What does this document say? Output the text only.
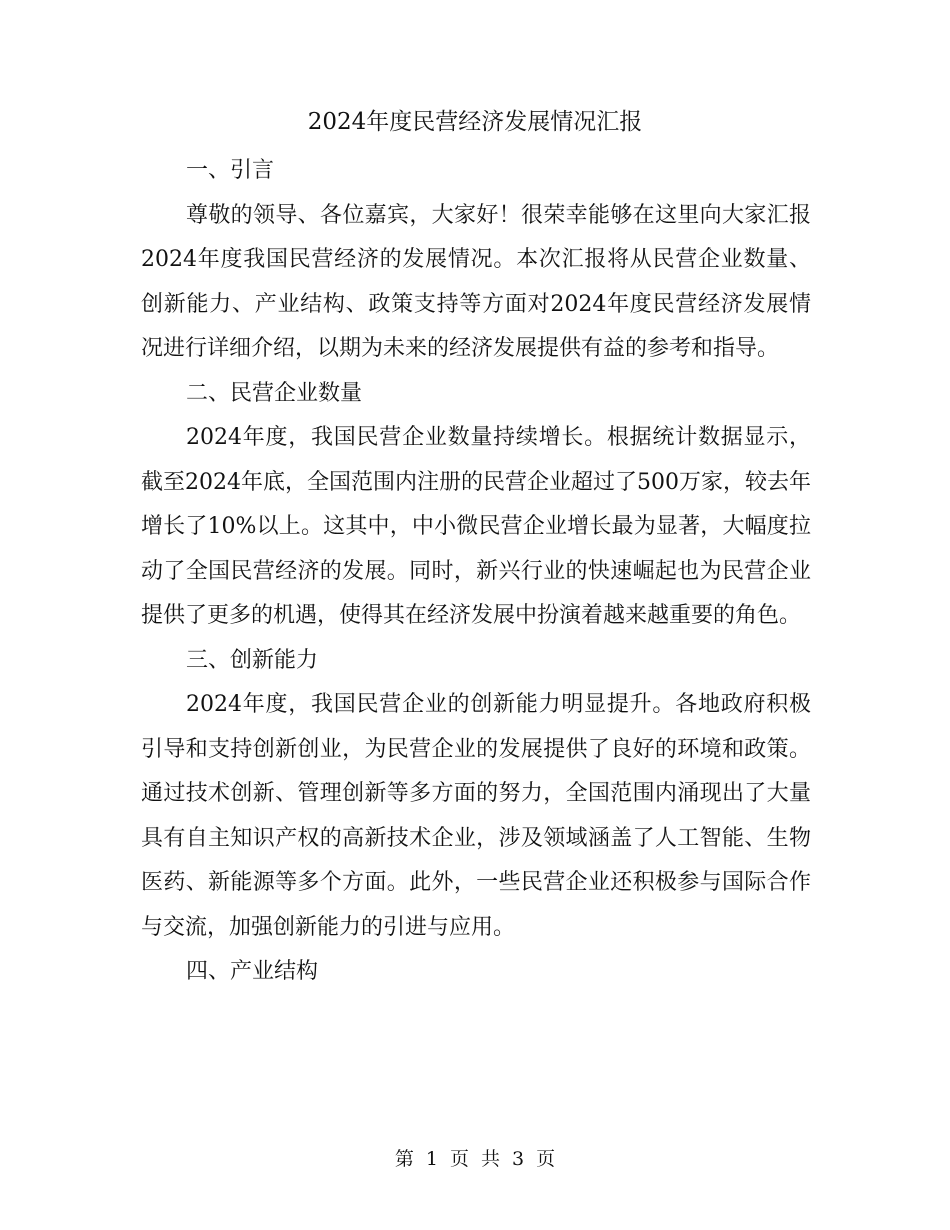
2024年度民营经济发展情况汇报

一、引言

尊敬的领导、各位嘉宾，大家好！很荣幸能够在这里向大家汇报2024年度我国民营经济的发展情况。本次汇报将从民营企业数量、创新能力、产业结构、政策支持等方面对2024年度民营经济发展情况进行详细介绍，以期为未来的经济发展提供有益的参考和指导。

二、民营企业数量

2024年度，我国民营企业数量持续增长。根据统计数据显示，截至2024年底，全国范围内注册的民营企业超过了500万家，较去年增长了10%以上。这其中，中小微民营企业增长最为显著，大幅度拉动了全国民营经济的发展。同时，新兴行业的快速崛起也为民营企业提供了更多的机遇，使得其在经济发展中扮演着越来越重要的角色。

三、创新能力

2024年度，我国民营企业的创新能力明显提升。各地政府积极引导和支持创新创业，为民营企业的发展提供了良好的环境和政策。通过技术创新、管理创新等多方面的努力，全国范围内涌现出了大量具有自主知识产权的高新技术企业，涉及领域涵盖了人工智能、生物医药、新能源等多个方面。此外，一些民营企业还积极参与国际合作与交流，加强创新能力的引进与应用。

四、产业结构

第 1 页 共 3 页
